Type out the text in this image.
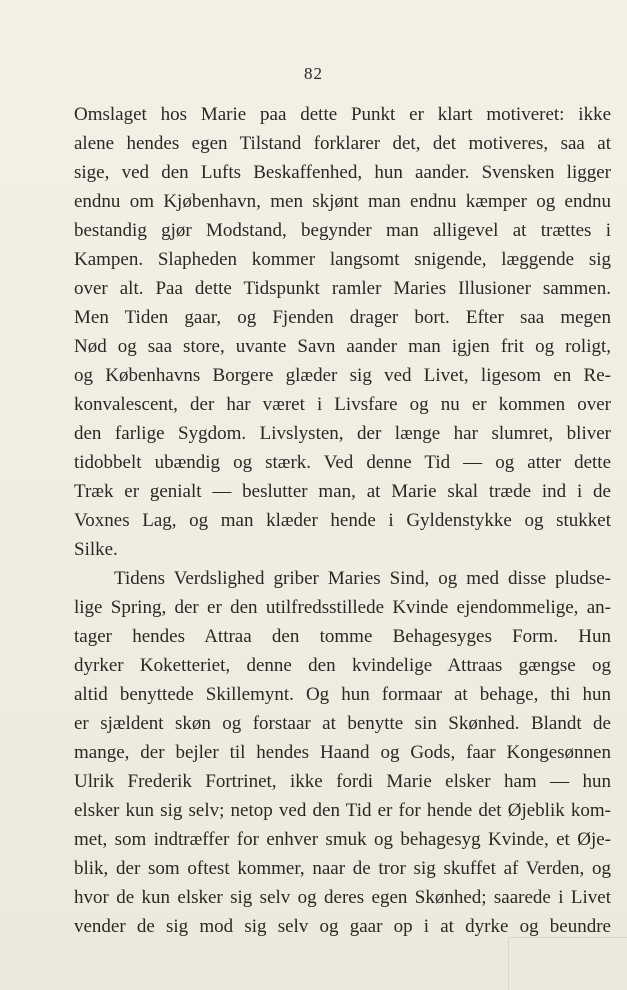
82
Omslaget hos Marie paa dette Punkt er klart motiveret: ikke
alene hendes egen Tilstand forklarer det, det motiveres, saa at
sige, ved den Lufts Beskaffenhed, hun aander. Svensken ligger
endnu om Kjøbenhavn, men skjønt man endnu kæmper og endnu
bestandig gjør Modstand, begynder man alligevel at trættes i
Kampen. Slapheden kommer langsomt snigende, læggende sig
over alt. Paa dette Tidspunkt ramler Maries Illusioner sammen.
Men Tiden gaar, og Fjenden drager bort. Efter saa megen
Nød og saa store, uvante Savn aander man igjen frit og roligt,
og Københavns Borgere glæder sig ved Livet, ligesom en Re-
konvalescent, der har været i Livsfare og nu er kommen over
den farlige Sygdom. Livslysten, der længe har slumret, bliver
tidobbelt ubændig og stærk. Ved denne Tid — og atter dette
Træk er genialt — beslutter man, at Marie skal træde ind i de
Voxnes Lag, og man klæder hende i Gyldenstykke og stukket
Silke.
Tidens Verdslighed griber Maries Sind, og med disse pludse-
lige Spring, der er den utilfredsstillede Kvinde ejendommelige, an-
tager hendes Attraa den tomme Behagesyges Form. Hun
dyrker Koketteriet, denne den kvindelige Attraas gængse og
altid benyttede Skillemynt. Og hun formaar at behage, thi hun
er sjældent skøn og forstaar at benytte sin Skønhed. Blandt de
mange, der bejler til hendes Haand og Gods, faar Kongesønnen
Ulrik Frederik Fortrinet, ikke fordi Marie elsker ham — hun
elsker kun sig selv; netop ved den Tid er for hende det Øjeblik kom-
met, som indtræffer for enhver smuk og behagesyg Kvinde, et Øje-
blik, der som oftest kommer, naar de tror sig skuffet af Verden, og
hvor de kun elsker sig selv og deres egen Skønhed; saarede i Livet
vender de sig mod sig selv og gaar op i at dyrke og beundre
